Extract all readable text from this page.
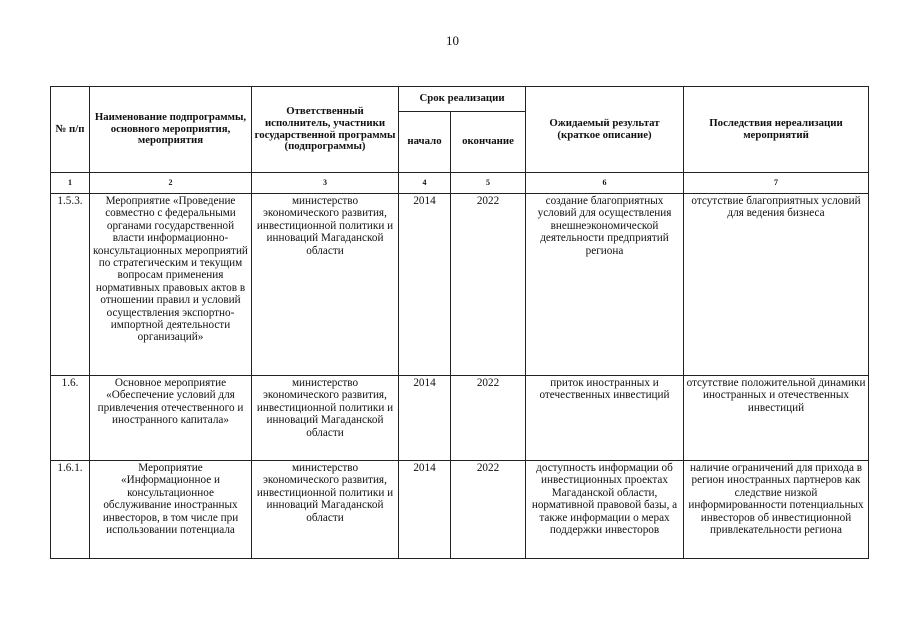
10
№ п/п	Наименование подпрограммы, основного мероприятия, мероприятия	Ответственный исполнитель, участники государственной программы (подпрограммы)	Срок реализации		Ожидаемый результат (краткое описание)	Последствия нереализации мероприятий
			начало	окончание		
1	2	3	4	5	6	7
1.5.3.	Мероприятие «Проведение совместно с федеральными органами государственной власти информационно-консультационных мероприятий по стратегическим и текущим вопросам применения нормативных правовых актов в отношении правил и условий осуществления экспортно-импортной деятельности организаций»	министерство экономического развития, инвестиционной политики и инноваций Магаданской области	2014	2022	создание благоприятных условий для осуществления внешнеэкономической деятельности предприятий региона	отсутствие благоприятных условий для ведения бизнеса
1.6.	Основное мероприятие «Обеспечение условий для привлечения отечественного и иностранного капитала»	министерство экономического развития, инвестиционной политики и инноваций Магаданской области	2014	2022	приток иностранных и отечественных инвестиций	отсутствие положительной динамики иностранных и отечественных инвестиций
1.6.1.	Мероприятие «Информационное и консультационное обслуживание иностранных инвесторов, в том числе при использовании потенциала	министерство экономического развития, инвестиционной политики и инноваций Магаданской области	2014	2022	доступность информации об инвестиционных проектах Магаданской области, нормативной правовой базы, а также информации о мерах поддержки инвесторов	наличие ограничений для прихода в регион иностранных партнеров как следствие низкой информированности потенциальных инвесторов об инвестиционной привлекательности региона
